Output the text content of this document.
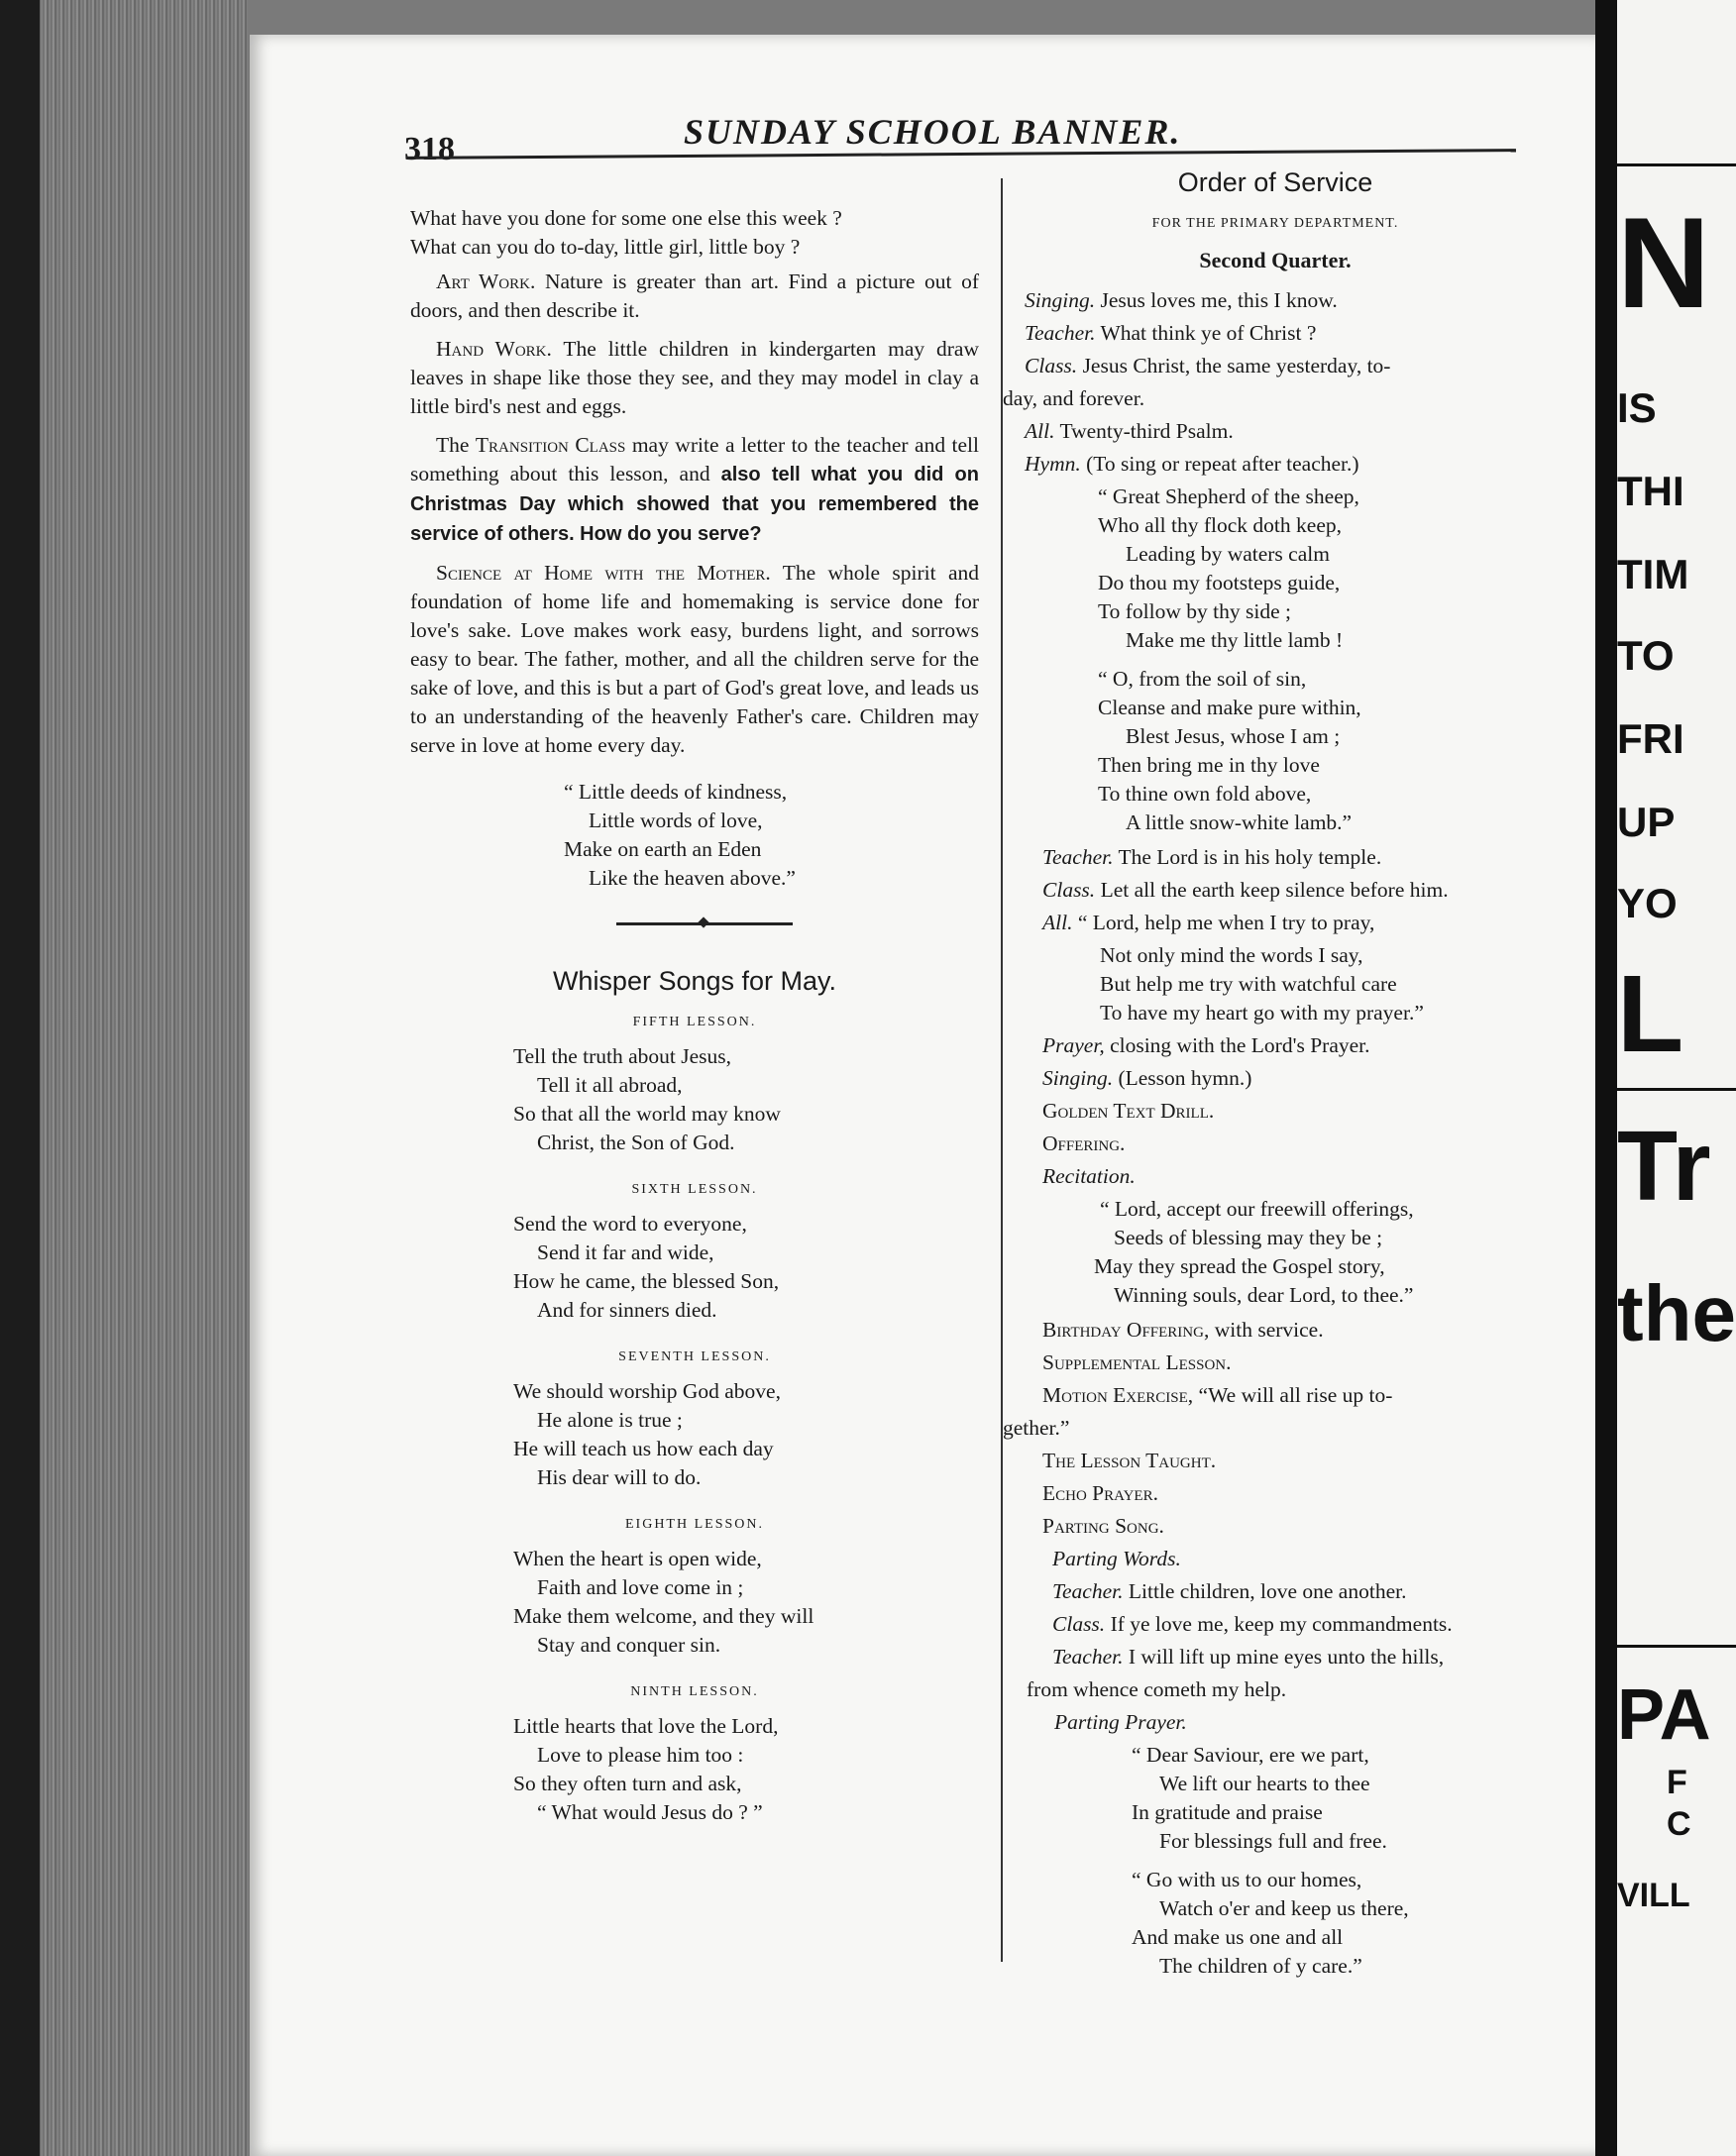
N
IS
THI
TIM
TO
FRI
UP
YO
L
Tr
the
PA
F
C
VILL
318	SUNDAY SCHOOL BANNER.

What have you done for some one else this week ?
What can you do to-day, little girl, little boy ?

Art Work. Nature is greater than art. Find a picture out of doors, and then describe it.

Hand Work. The little children in kindergarten may draw leaves in shape like those they see, and they may model in clay a little bird's nest and eggs.

The Transition Class may write a letter to the teacher and tell something about this lesson, and also tell what you did on Christmas Day which showed that you remembered the service of others. How do you serve?

Science at Home with the Mother. The whole spirit and foundation of home life and homemaking is service done for love's sake. Love makes work easy, burdens light, and sorrows easy to bear. The father, mother, and all the children serve for the sake of love, and this is but a part of God's great love, and leads us to an understanding of the heavenly Father's care. Children may serve in love at home every day.

“ Little deeds of kindness,
Little words of love,
Make on earth an Eden
Like the heaven above.”
Whisper Songs for May.
FIFTH LESSON.
Tell the truth about Jesus,
Tell it all abroad,
So that all the world may know
Christ, the Son of God.
SIXTH LESSON.
Send the word to everyone,
Send it far and wide,
How he came, the blessed Son,
And for sinners died.
SEVENTH LESSON.
We should worship God above,
He alone is true ;
He will teach us how each day
His dear will to do.
EIGHTH LESSON.
When the heart is open wide,
Faith and love come in ;
Make them welcome, and they will
Stay and conquer sin.
NINTH LESSON.
Little hearts that love the Lord,
Love to please him too :
So they often turn and ask,
“ What would Jesus do ? ”
Order of Service
FOR THE PRIMARY DEPARTMENT.
Second Quarter.
Singing. Jesus loves me, this I know.
Teacher. What think ye of Christ ?
Class. Jesus Christ, the same yesterday, to-
day, and forever.
All. Twenty-third Psalm.
Hymn. (To sing or repeat after teacher.)
“ Great Shepherd of the sheep,
Who all thy flock doth keep,
Leading by waters calm
Do thou my footsteps guide,
To follow by thy side ;
Make me thy little lamb !
“ O, from the soil of sin,
Cleanse and make pure within,
Blest Jesus, whose I am ;
Then bring me in thy love
To thine own fold above,
A little snow-white lamb.”
Teacher. The Lord is in his holy temple.
Class. Let all the earth keep silence before him.
All. “ Lord, help me when I try to pray,
Not only mind the words I say,
But help me try with watchful care
To have my heart go with my prayer.”
Prayer, closing with the Lord's Prayer.
Singing. (Lesson hymn.)
Golden Text Drill.
Offering.
Recitation.
“ Lord, accept our freewill offerings,
Seeds of blessing may they be ;
May they spread the Gospel story,
Winning souls, dear Lord, to thee.”
Birthday Offering, with service.
Supplemental Lesson.
Motion Exercise, “We will all rise up to-
gether.”
The Lesson Taught.
Echo Prayer.
Parting Song.
Parting Words.
Teacher. Little children, love one another.
Class. If ye love me, keep my commandments.
Teacher. I will lift up mine eyes unto the hills,
from whence cometh my help.
Parting Prayer.
“ Dear Saviour, ere we part,
We lift our hearts to thee
In gratitude and praise
For blessings full and free.
“ Go with us to our homes,
Watch o'er and keep us there,
And make us one and all
The children of y care.”
